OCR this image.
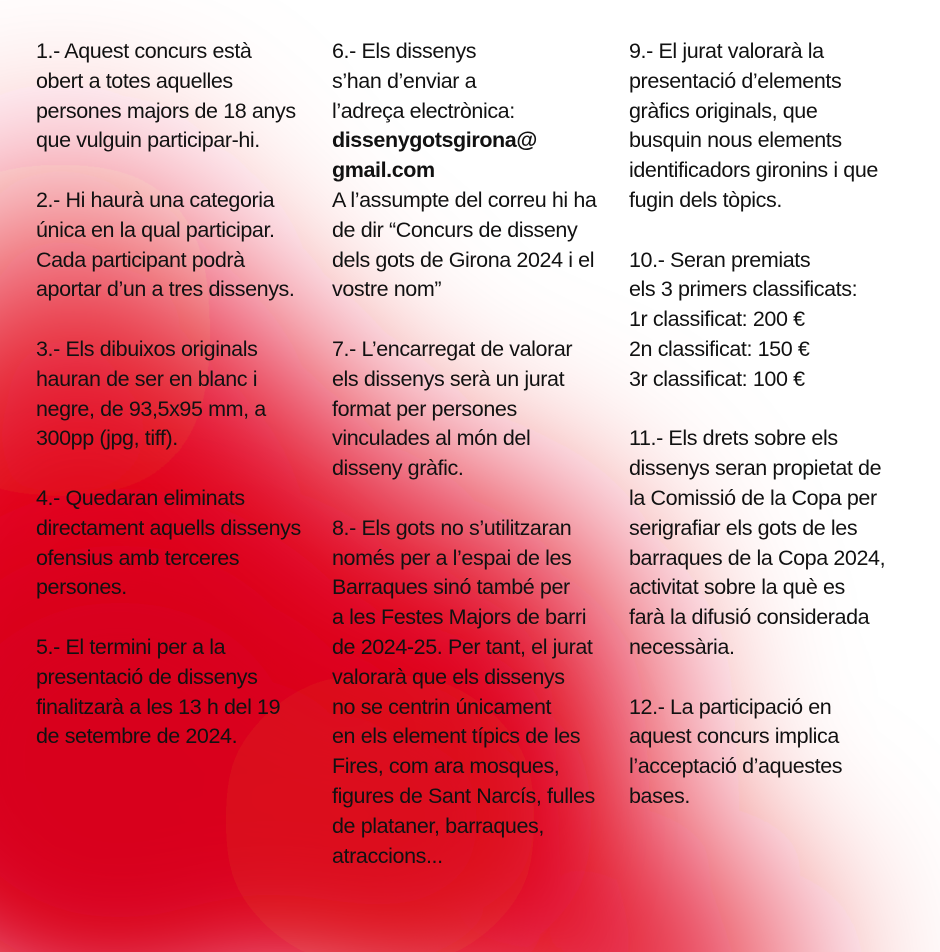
1.- Aquest concurs està
obert a totes aquelles
persones majors de 18 anys
que vulguin participar-hi.

2.- Hi haurà una categoria
única en la qual participar.
Cada participant podrà
aportar d’un a tres dissenys.

3.- Els dibuixos originals
hauran de ser en blanc i
negre, de 93,5x95 mm, a
300pp (jpg, tiff).

4.- Quedaran eliminats
directament aquells dissenys
ofensius amb terceres
persones.

5.- El termini per a la
presentació de dissenys
finalitzarà a les 13 h del 19
de setembre de 2024.

6.- Els dissenys
s’han d’enviar a
l’adreça electrònica:
dissenygotsgirona@
gmail.com
A l’assumpte del correu hi ha
de dir “Concurs de disseny
dels gots de Girona 2024 i el
vostre nom”

7.- L’encarregat de valorar
els dissenys serà un jurat
format per persones
vinculades al món del
disseny gràfic.

8.- Els gots no s’utilitzaran
només per a l’espai de les
Barraques sinó també per
a les Festes Majors de barri
de 2024-25. Per tant, el jurat
valorarà que els dissenys
no se centrin únicament
en els element típics de les
Fires, com ara mosques,
figures de Sant Narcís, fulles
de plataner, barraques,
atraccions...

9.- El jurat valorarà la
presentació d’elements
gràfics originals, que
busquin nous elements
identificadors gironins i que
fugin dels tòpics.

10.- Seran premiats
els 3 primers classificats:
1r classificat: 200 €
2n classificat: 150 €
3r classificat: 100 €

11.- Els drets sobre els
dissenys seran propietat de
la Comissió de la Copa per
serigrafiar els gots de les
barraques de la Copa 2024,
activitat sobre la què es
farà la difusió considerada
necessària.

12.- La participació en
aquest concurs implica
l’acceptació d’aquestes
bases.
